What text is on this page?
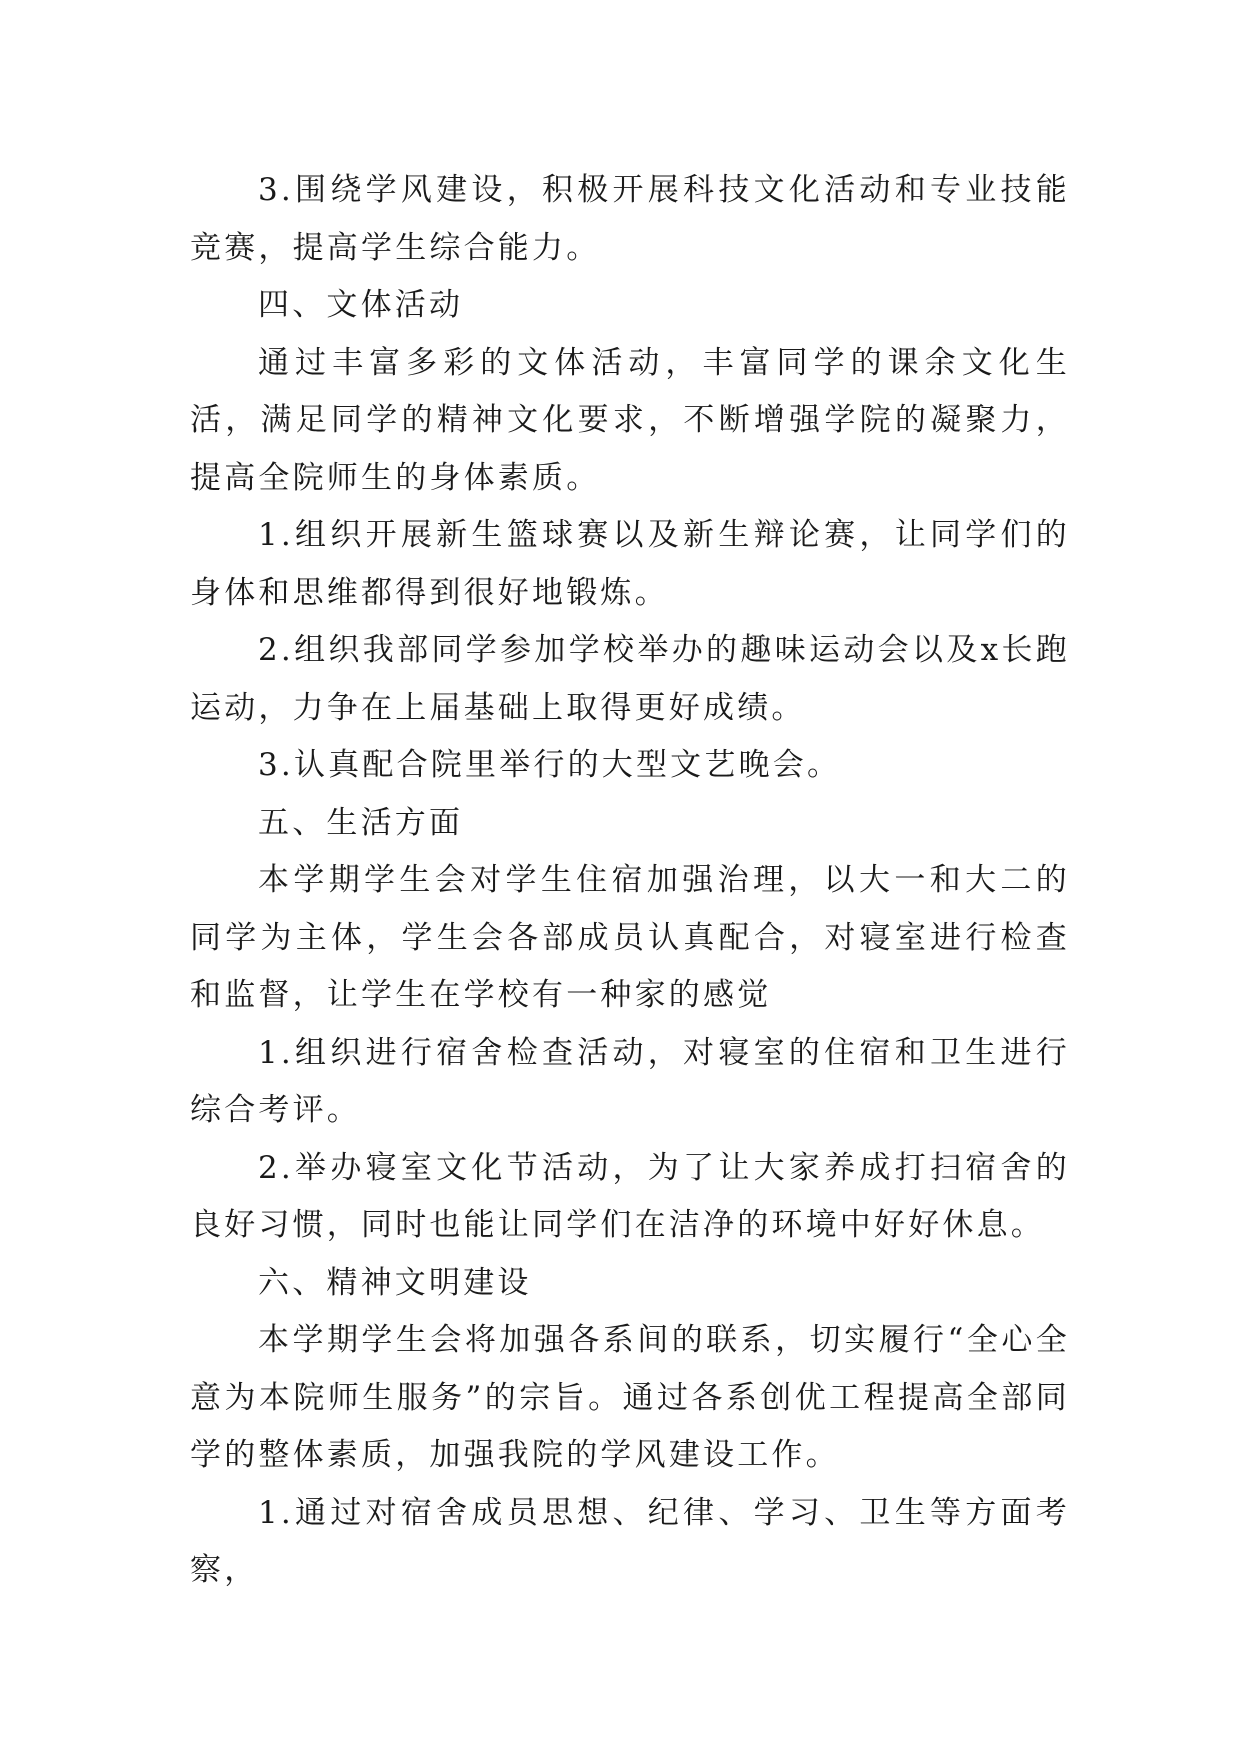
3.围绕学风建设，积极开展科技文化活动和专业技能竞赛，提高学生综合能力。

四、文体活动

通过丰富多彩的文体活动，丰富同学的课余文化生活，满足同学的精神文化要求，不断增强学院的凝聚力，提高全院师生的身体素质。

1.组织开展新生篮球赛以及新生辩论赛，让同学们的身体和思维都得到很好地锻炼。

2.组织我部同学参加学校举办的趣味运动会以及x长跑运动，力争在上届基础上取得更好成绩。

3.认真配合院里举行的大型文艺晚会。

五、生活方面

本学期学生会对学生住宿加强治理，以大一和大二的同学为主体，学生会各部成员认真配合，对寝室进行检查和监督，让学生在学校有一种家的感觉

1.组织进行宿舍检查活动，对寝室的住宿和卫生进行综合考评。

2.举办寝室文化节活动，为了让大家养成打扫宿舍的良好习惯，同时也能让同学们在洁净的环境中好好休息。

六、精神文明建设

本学期学生会将加强各系间的联系，切实履行“全心全意为本院师生服务”的宗旨。通过各系创优工程提高全部同学的整体素质，加强我院的学风建设工作。

1.通过对宿舍成员思想、纪律、学习、卫生等方面考察，
